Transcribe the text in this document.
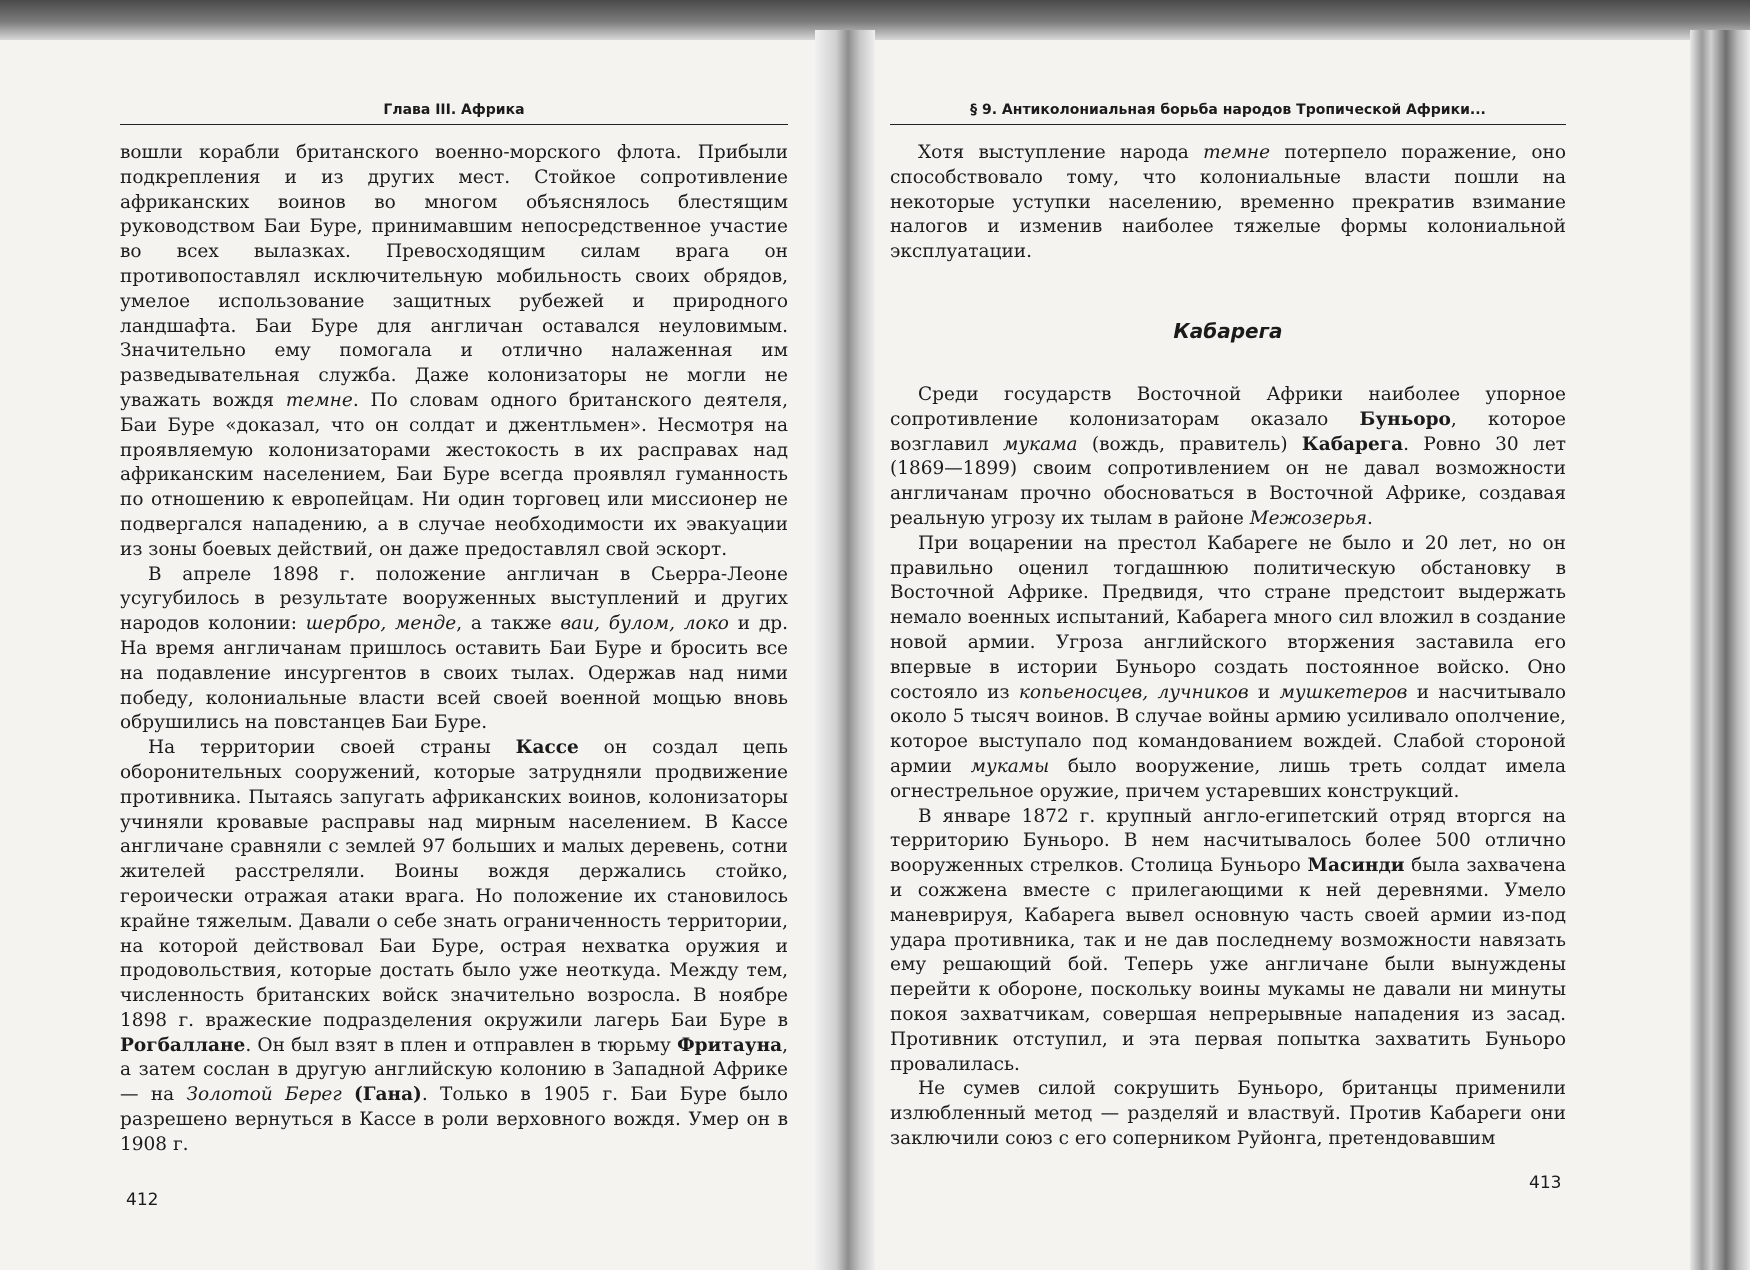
Глава III. Африка

вошли корабли британского военно-морского флота. Прибыли подкрепления и из других мест. Стойкое сопротивление африканских воинов во многом объяснялось блестящим руководством Баи Буре, принимавшим непосредственное участие во всех вылазках. Превосходящим силам врага он противопоставлял исключительную мобильность своих обрядов, умелое использование защитных рубежей и природного ландшафта. Баи Буре для англичан оставался неуловимым. Значительно ему помогала и отлично налаженная им разведывательная служба. Даже колонизаторы не могли не уважать вождя темне. По словам одного британского деятеля, Баи Буре «доказал, что он солдат и джентльмен». Несмотря на проявляемую колонизаторами жестокость в их расправах над африканским населением, Баи Буре всегда проявлял гуманность по отношению к европейцам. Ни один торговец или миссионер не подвергался нападению, а в случае необходимости их эвакуации из зоны боевых действий, он даже предоставлял свой эскорт.

В апреле 1898 г. положение англичан в Сьерра-Леоне усугубилось в результате вооруженных выступлений и других народов колонии: шербро, менде, а также ваи, булом, локо и др. На время англичанам пришлось оставить Баи Буре и бросить все на подавление инсургентов в своих тылах. Одержав над ними победу, колониальные власти всей своей военной мощью вновь обрушились на повстанцев Баи Буре.

На территории своей страны Кассе он создал цепь оборонительных сооружений, которые затрудняли продвижение противника. Пытаясь запугать африканских воинов, колонизаторы учиняли кровавые расправы над мирным населением. В Кассе англичане сравняли с землей 97 больших и малых деревень, сотни жителей расстреляли. Воины вождя держались стойко, героически отражая атаки врага. Но положение их становилось крайне тяжелым. Давали о себе знать ограниченность территории, на которой действовал Баи Буре, острая нехватка оружия и продовольствия, которые достать было уже неоткуда. Между тем, численность британских войск значительно возросла. В ноябре 1898 г. вражеские подразделения окружили лагерь Баи Буре в Рогбаллане. Он был взят в плен и отправлен в тюрьму Фритауна, а затем сослан в другую английскую колонию в Западной Африке — на Золотой Берег (Гана). Только в 1905 г. Баи Буре было разрешено вернуться в Кассе в роли верховного вождя. Умер он в 1908 г.

412
§ 9. Антиколониальная борьба народов Тропической Африки...

Хотя выступление народа темне потерпело поражение, оно способствовало тому, что колониальные власти пошли на некоторые уступки населению, временно прекратив взимание налогов и изменив наиболее тяжелые формы колониальной эксплуатации.

Кабарега

Среди государств Восточной Африки наиболее упорное сопротивление колонизаторам оказало Буньоро, которое возглавил мукама (вождь, правитель) Кабарега. Ровно 30 лет (1869—1899) своим сопротивлением он не давал возможности англичанам прочно обосноваться в Восточной Африке, создавая реальную угрозу их тылам в районе Межозерья.

При воцарении на престол Кабареге не было и 20 лет, но он правильно оценил тогдашнюю политическую обстановку в Восточной Африке. Предвидя, что стране предстоит выдержать немало военных испытаний, Кабарега много сил вложил в создание новой армии. Угроза английского вторжения заставила его впервые в истории Буньоро создать постоянное войско. Оно состояло из копьеносцев, лучников и мушкетеров и насчитывало около 5 тысяч воинов. В случае войны армию усиливало ополчение, которое выступало под командованием вождей. Слабой стороной армии мукамы было вооружение, лишь треть солдат имела огнестрельное оружие, причем устаревших конструкций.

В январе 1872 г. крупный англо-египетский отряд вторгся на территорию Буньоро. В нем насчитывалось более 500 отлично вооруженных стрелков. Столица Буньоро Масинди была захвачена и сожжена вместе с прилегающими к ней деревнями. Умело маневрируя, Кабарега вывел основную часть своей армии из-под удара противника, так и не дав последнему возможности навязать ему решающий бой. Теперь уже англичане были вынуждены перейти к обороне, поскольку воины мукамы не давали ни минуты покоя захватчикам, совершая непрерывные нападения из засад. Противник отступил, и эта первая попытка захватить Буньоро провалилась.

Не сумев силой сокрушить Буньоро, британцы применили излюбленный метод — разделяй и властвуй. Против Кабареги они заключили союз с его соперником Руйонга, претендовавшим

413
